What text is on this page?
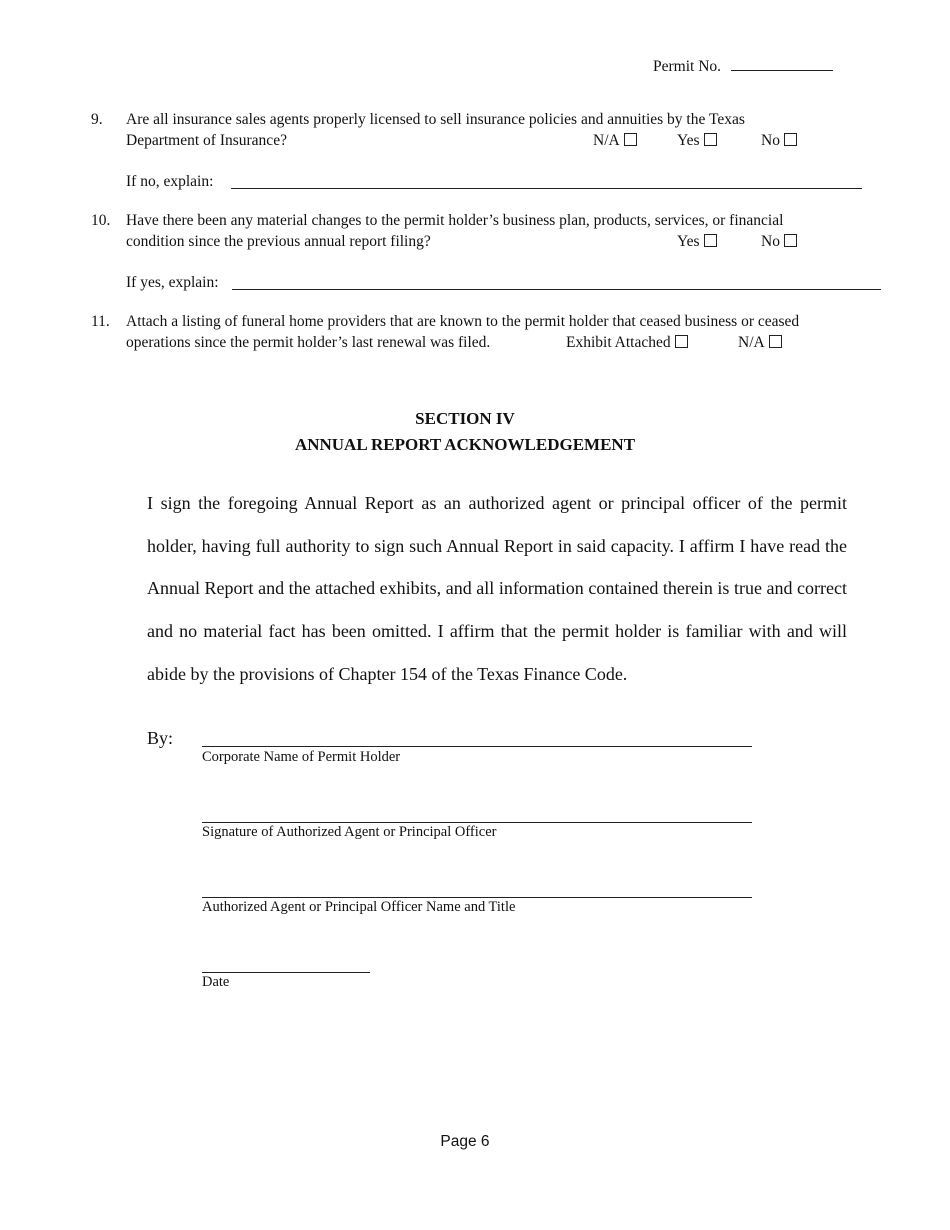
Permit No.
9. Are all insurance sales agents properly licensed to sell insurance policies and annuities by the Texas
Department of Insurance?	N/A	Yes	No
If no, explain:
10. Have there been any material changes to the permit holder’s business plan, products, services, or financial
condition since the previous annual report filing?	Yes	No
If yes, explain:
11. Attach a listing of funeral home providers that are known to the permit holder that ceased business or ceased
operations since the permit holder’s last renewal was filed.	Exhibit Attached	N/A
SECTION IV
ANNUAL REPORT ACKNOWLEDGEMENT
I sign the foregoing Annual Report as an authorized agent or principal officer of the permit holder, having full authority to sign such Annual Report in said capacity. I affirm I have read the Annual Report and the attached exhibits, and all information contained therein is true and correct and no material fact has been omitted. I affirm that the permit holder is familiar with and will abide by the provisions of Chapter 154 of the Texas Finance Code.
By:
Corporate Name of Permit Holder
Signature of Authorized Agent or Principal Officer
Authorized Agent or Principal Officer Name and Title
Date
Page 6
